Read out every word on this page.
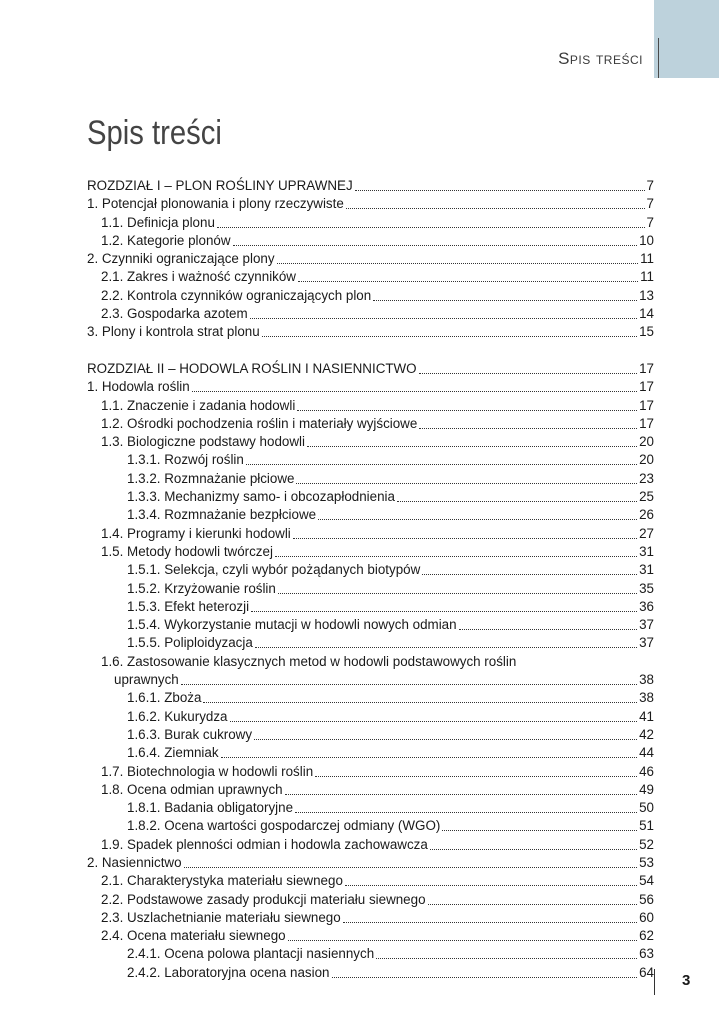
Spis treści
Spis treści
ROZDZIAŁ I – PLON ROŚLINY UPRAWNEJ	7
1. Potencjał plonowania i plony rzeczywiste	7
1.1. Definicja plonu	7
1.2. Kategorie plonów	10
2. Czynniki ograniczające plony	11
2.1. Zakres i ważność czynników	11
2.2. Kontrola czynników ograniczających plon	13
2.3. Gospodarka azotem	14
3. Plony i kontrola strat plonu	15
ROZDZIAŁ II – HODOWLA ROŚLIN I NASIENNICTWO	17
1. Hodowla roślin	17
1.1. Znaczenie i zadania hodowli	17
1.2. Ośrodki pochodzenia roślin i materiały wyjściowe	17
1.3. Biologiczne podstawy hodowli	20
1.3.1. Rozwój roślin	20
1.3.2. Rozmnażanie płciowe	23
1.3.3. Mechanizmy samo- i obcozapłodnienia	25
1.3.4. Rozmnażanie bezpłciowe	26
1.4. Programy i kierunki hodowli	27
1.5. Metody hodowli twórczej	31
1.5.1. Selekcja, czyli wybór pożądanych biotypów	31
1.5.2. Krzyżowanie roślin	35
1.5.3. Efekt heterozji	36
1.5.4. Wykorzystanie mutacji w hodowli nowych odmian	37
1.5.5. Poliploidyzacja	37
1.6. Zastosowanie klasycznych metod w hodowli podstawowych roślin
uprawnych	38
1.6.1. Zboża	38
1.6.2. Kukurydza	41
1.6.3. Burak cukrowy	42
1.6.4. Ziemniak	44
1.7. Biotechnologia w hodowli roślin	46
1.8. Ocena odmian uprawnych	49
1.8.1. Badania obligatoryjne	50
1.8.2. Ocena wartości gospodarczej odmiany (WGO)	51
1.9. Spadek plenności odmian i hodowla zachowawcza	52
2. Nasiennictwo	53
2.1. Charakterystyka materiału siewnego	54
2.2. Podstawowe zasady produkcji materiału siewnego	56
2.3. Uszlachetnianie materiału siewnego	60
2.4. Ocena materiału siewnego	62
2.4.1. Ocena polowa plantacji nasiennych	63
2.4.2. Laboratoryjna ocena nasion	64 3
